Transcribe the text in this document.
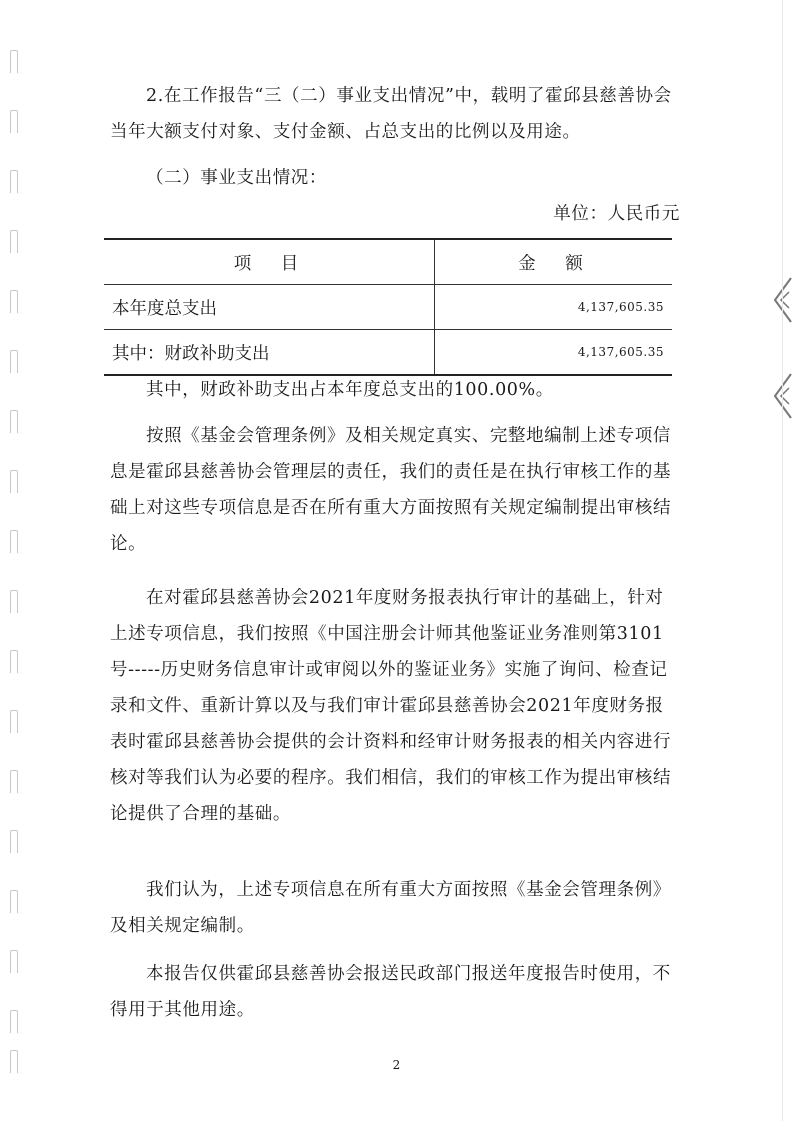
2.在工作报告“三（二）事业支出情况”中，载明了霍邱县慈善协会当年大额支付对象、支付金额、占总支出的比例以及用途。

（二）事业支出情况：

单位：人民币元
项　目	金　额
本年度总支出	4,137,605.35
其中：财政补助支出	4,137,605.35

其中，财政补助支出占本年度总支出的100.00%。

按照《基金会管理条例》及相关规定真实、完整地编制上述专项信息是霍邱县慈善协会管理层的责任，我们的责任是在执行审核工作的基础上对这些专项信息是否在所有重大方面按照有关规定编制提出审核结论。

在对霍邱县慈善协会2021年度财务报表执行审计的基础上，针对上述专项信息，我们按照《中国注册会计师其他鉴证业务准则第3101号-----历史财务信息审计或审阅以外的鉴证业务》实施了询问、检查记录和文件、重新计算以及与我们审计霍邱县慈善协会2021年度财务报表时霍邱县慈善协会提供的会计资料和经审计财务报表的相关内容进行核对等我们认为必要的程序。我们相信，我们的审核工作为提出审核结论提供了合理的基础。

我们认为，上述专项信息在所有重大方面按照《基金会管理条例》及相关规定编制。

本报告仅供霍邱县慈善协会报送民政部门报送年度报告时使用，不得用于其他用途。

2
